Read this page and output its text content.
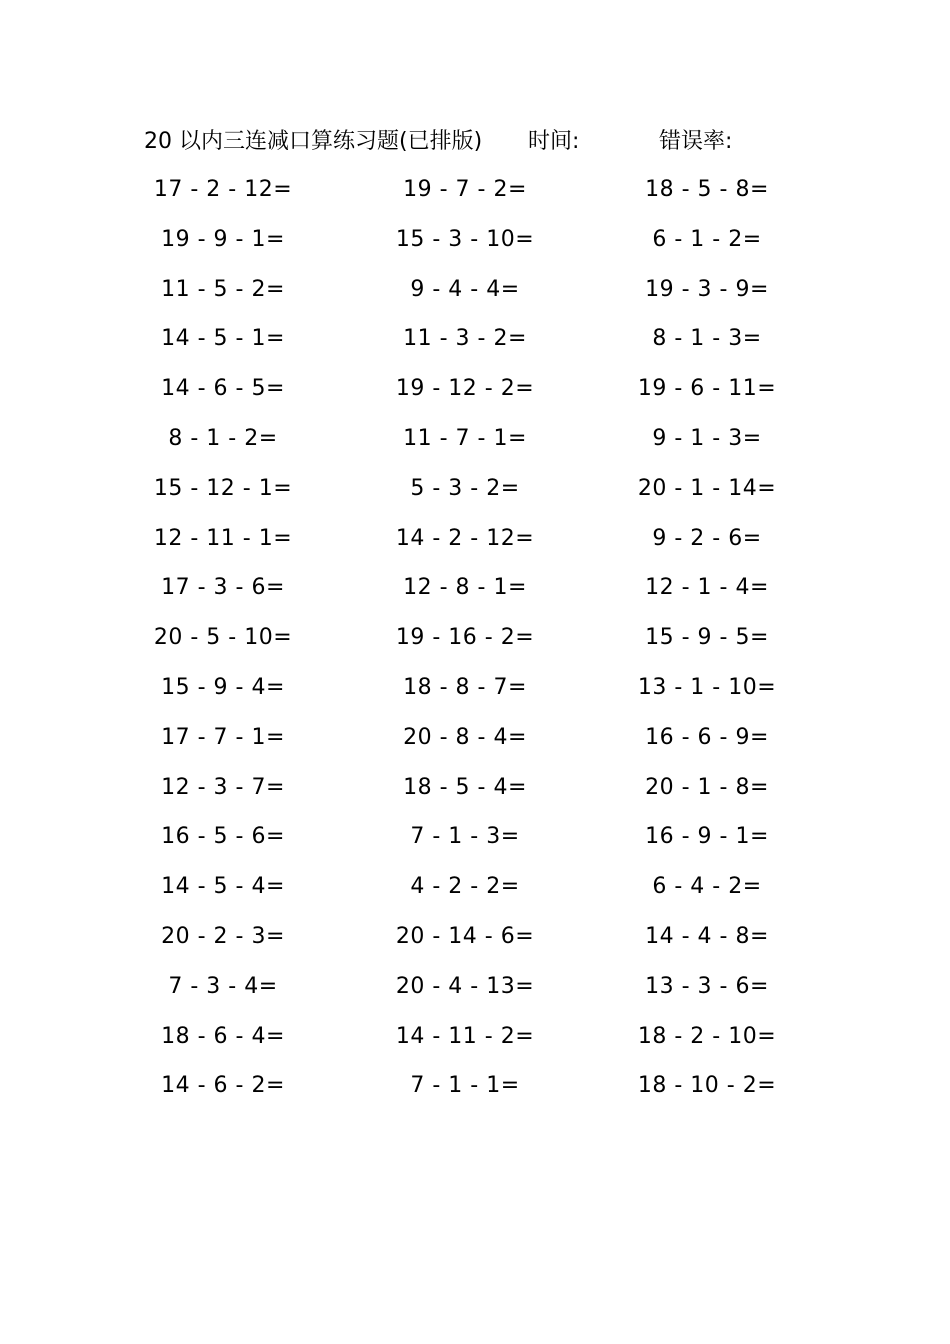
20 以内三连减口算练习题(已排版) 时间:	错误率:
17 - 2 - 12=	19 - 7 - 2=	18 - 5 - 8=
19 - 9 - 1=	15 - 3 - 10=	6 - 1 - 2=
11 - 5 - 2=	9 - 4 - 4=	19 - 3 - 9=
14 - 5 - 1=	11 - 3 - 2=	8 - 1 - 3=
14 - 6 - 5=	19 - 12 - 2=	19 - 6 - 11=
8 - 1 - 2=	11 - 7 - 1=	9 - 1 - 3=
15 - 12 - 1=	5 - 3 - 2=	20 - 1 - 14=
12 - 11 - 1=	14 - 2 - 12=	9 - 2 - 6=
17 - 3 - 6=	12 - 8 - 1=	12 - 1 - 4=
20 - 5 - 10=	19 - 16 - 2=	15 - 9 - 5=
15 - 9 - 4=	18 - 8 - 7=	13 - 1 - 10=
17 - 7 - 1=	20 - 8 - 4=	16 - 6 - 9=
12 - 3 - 7=	18 - 5 - 4=	20 - 1 - 8=
16 - 5 - 6=	7 - 1 - 3=	16 - 9 - 1=
14 - 5 - 4=	4 - 2 - 2=	6 - 4 - 2=
20 - 2 - 3=	20 - 14 - 6=	14 - 4 - 8=
7 - 3 - 4=	20 - 4 - 13=	13 - 3 - 6=
18 - 6 - 4=	14 - 11 - 2=	18 - 2 - 10=
14 - 6 - 2=	7 - 1 - 1=	18 - 10 - 2=
